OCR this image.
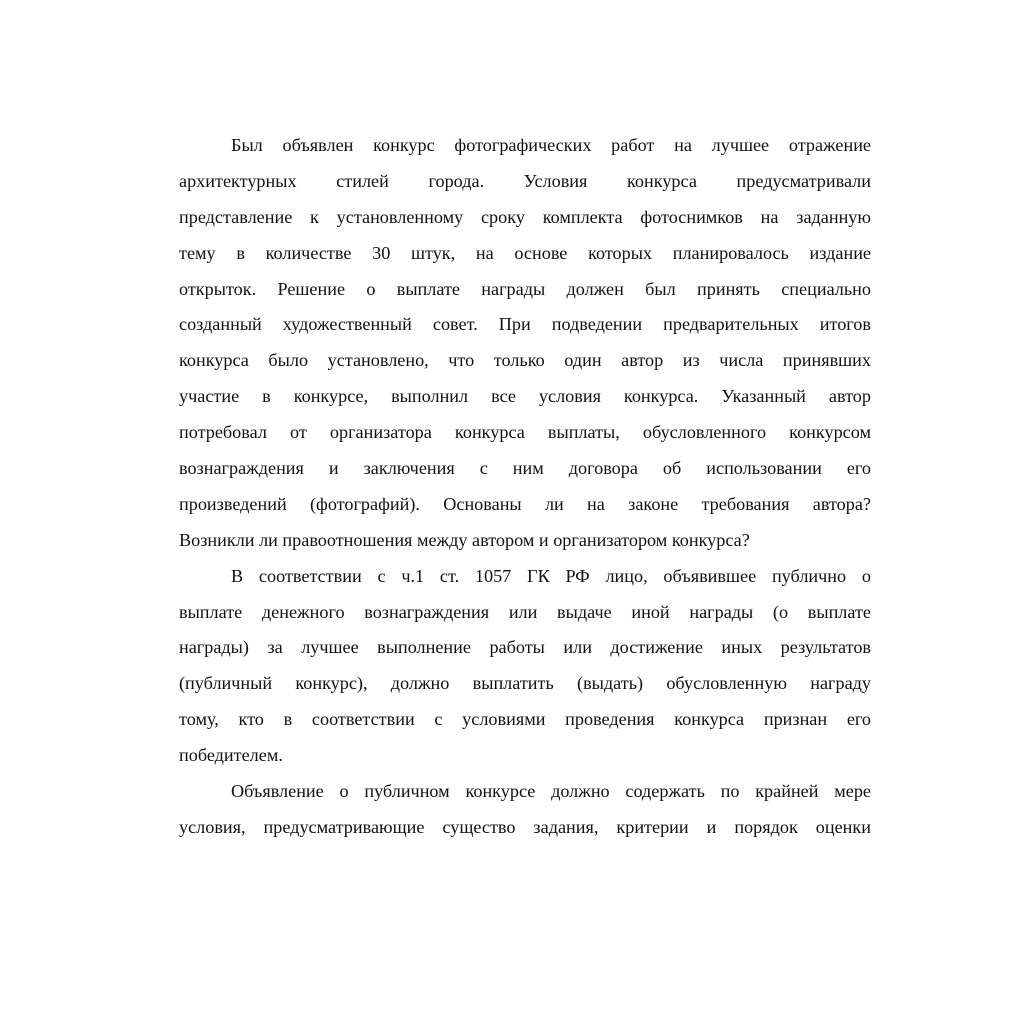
Был объявлен конкурс фотографических работ на лучшее отражение
архитектурных стилей города. Условия конкурса предусматривали
представление к установленному сроку комплекта фотоснимков на заданную
тему в количестве 30 штук, на основе которых планировалось издание
открыток. Решение о выплате награды должен был принять специально
созданный художественный совет. При подведении предварительных итогов
конкурса было установлено, что только один автор из числа принявших
участие в конкурсе, выполнил все условия конкурса. Указанный автор
потребовал от организатора конкурса выплаты, обусловленного конкурсом
вознаграждения и заключения с ним договора об использовании его
произведений (фотографий). Основаны ли на законе требования автора?
Возникли ли правоотношения между автором и организатором конкурса?
В соответствии с ч.1 ст. 1057 ГК РФ лицо, объявившее публично о
выплате денежного вознаграждения или выдаче иной награды (о выплате
награды) за лучшее выполнение работы или достижение иных результатов
(публичный конкурс), должно выплатить (выдать) обусловленную награду
тому, кто в соответствии с условиями проведения конкурса признан его
победителем.
Объявление о публичном конкурсе должно содержать по крайней мере
условия, предусматривающие существо задания, критерии и порядок оценки
